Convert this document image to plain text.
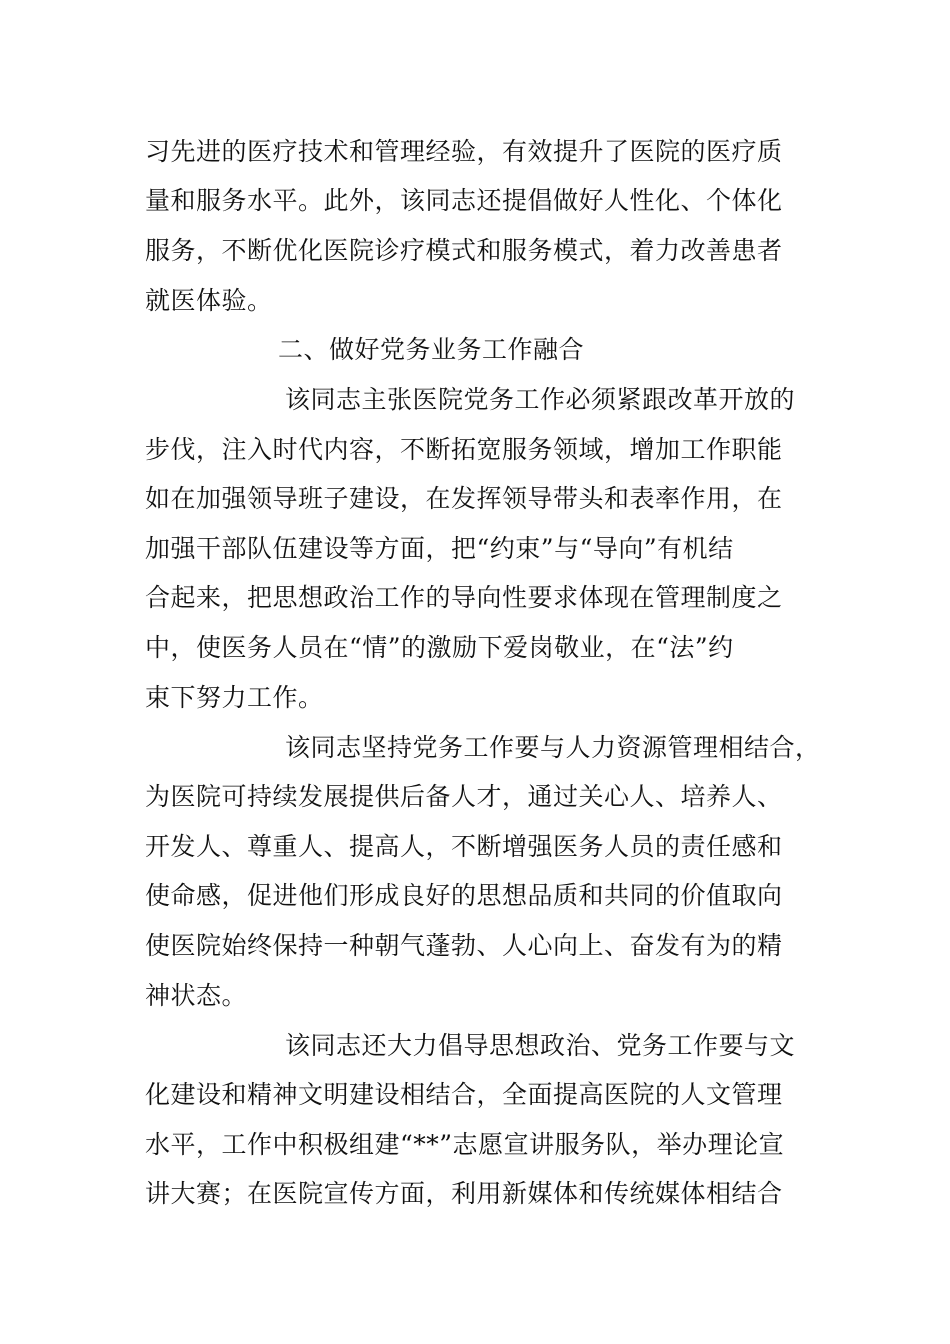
习先进的医疗技术和管理经验，有效提升了医院的医疗质
量和服务水平。此外，该同志还提倡做好人性化、个体化
服务，不断优化医院诊疗模式和服务模式，着力改善患者
就医体验。
二、做好党务业务工作融合
该同志主张医院党务工作必须紧跟改革开放的
步伐，注入时代内容，不断拓宽服务领域，增加工作职能
如在加强领导班子建设，在发挥领导带头和表率作用，在
加强干部队伍建设等方面，把“约束”与“导向”有机结
合起来，把思想政治工作的导向性要求体现在管理制度之
中，使医务人员在“情”的激励下爱岗敬业，在“法”约
束下努力工作。
该同志坚持党务工作要与人力资源管理相结合，
为医院可持续发展提供后备人才，通过关心人、培养人、
开发人、尊重人、提高人，不断增强医务人员的责任感和
使命感，促进他们形成良好的思想品质和共同的价值取向
使医院始终保持一种朝气蓬勃、人心向上、奋发有为的精
神状态。
该同志还大力倡导思想政治、党务工作要与文
化建设和精神文明建设相结合，全面提高医院的人文管理
水平，工作中积极组建“**”志愿宣讲服务队，举办理论宣
讲大赛；在医院宣传方面，利用新媒体和传统媒体相结合
